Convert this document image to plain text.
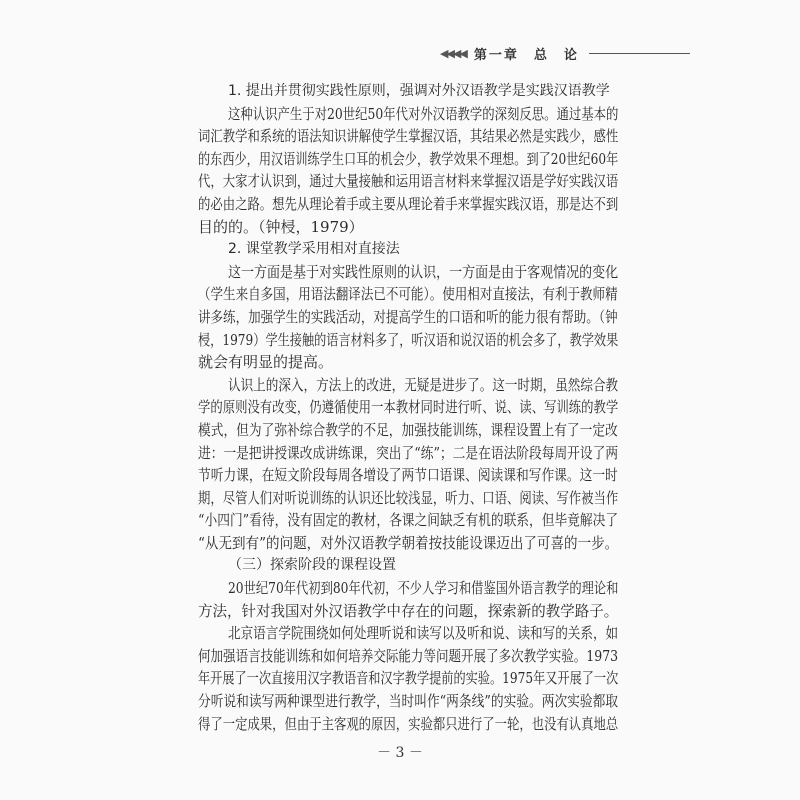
◀◀◀◀ 第一章　总　论
1. 提出并贯彻实践性原则，强调对外汉语教学是实践汉语教学
这种认识产生于对20世纪50年代对外汉语教学的深刻反思。通过基本的
词汇教学和系统的语法知识讲解使学生掌握汉语，其结果必然是实践少，感性
的东西少，用汉语训练学生口耳的机会少，教学效果不理想。到了20世纪60年
代，大家才认识到，通过大量接触和运用语言材料来掌握汉语是学好实践汉语
的必由之路。想先从理论着手或主要从理论着手来掌握实践汉语，那是达不到
目的的。（钟梫，1979）
2. 课堂教学采用相对直接法
这一方面是基于对实践性原则的认识，一方面是由于客观情况的变化
（学生来自多国，用语法翻译法已不可能）。使用相对直接法，有利于教师精
讲多练，加强学生的实践活动，对提高学生的口语和听的能力很有帮助。（钟
梫，1979）学生接触的语言材料多了，听汉语和说汉语的机会多了，教学效果
就会有明显的提高。
认识上的深入，方法上的改进，无疑是进步了。这一时期，虽然综合教
学的原则没有改变，仍遵循使用一本教材同时进行听、说、读、写训练的教学
模式，但为了弥补综合教学的不足，加强技能训练，课程设置上有了一定改
进：一是把讲授课改成讲练课，突出了“练”；二是在语法阶段每周开设了两
节听力课，在短文阶段每周各增设了两节口语课、阅读课和写作课。这一时
期，尽管人们对听说训练的认识还比较浅显，听力、口语、阅读、写作被当作
“小四门”看待，没有固定的教材，各课之间缺乏有机的联系，但毕竟解决了
“从无到有”的问题，对外汉语教学朝着按技能设课迈出了可喜的一步。
（三）探索阶段的课程设置
20世纪70年代初到80年代初，不少人学习和借鉴国外语言教学的理论和
方法，针对我国对外汉语教学中存在的问题，探索新的教学路子。
北京语言学院围绕如何处理听说和读写以及听和说、读和写的关系，如
何加强语言技能训练和如何培养交际能力等问题开展了多次教学实验。1973
年开展了一次直接用汉字教语音和汉字教学提前的实验。1975年又开展了一次
分听说和读写两种课型进行教学，当时叫作“两条线”的实验。两次实验都取
得了一定成果，但由于主客观的原因，实验都只进行了一轮，也没有认真地总
－ 3 －
